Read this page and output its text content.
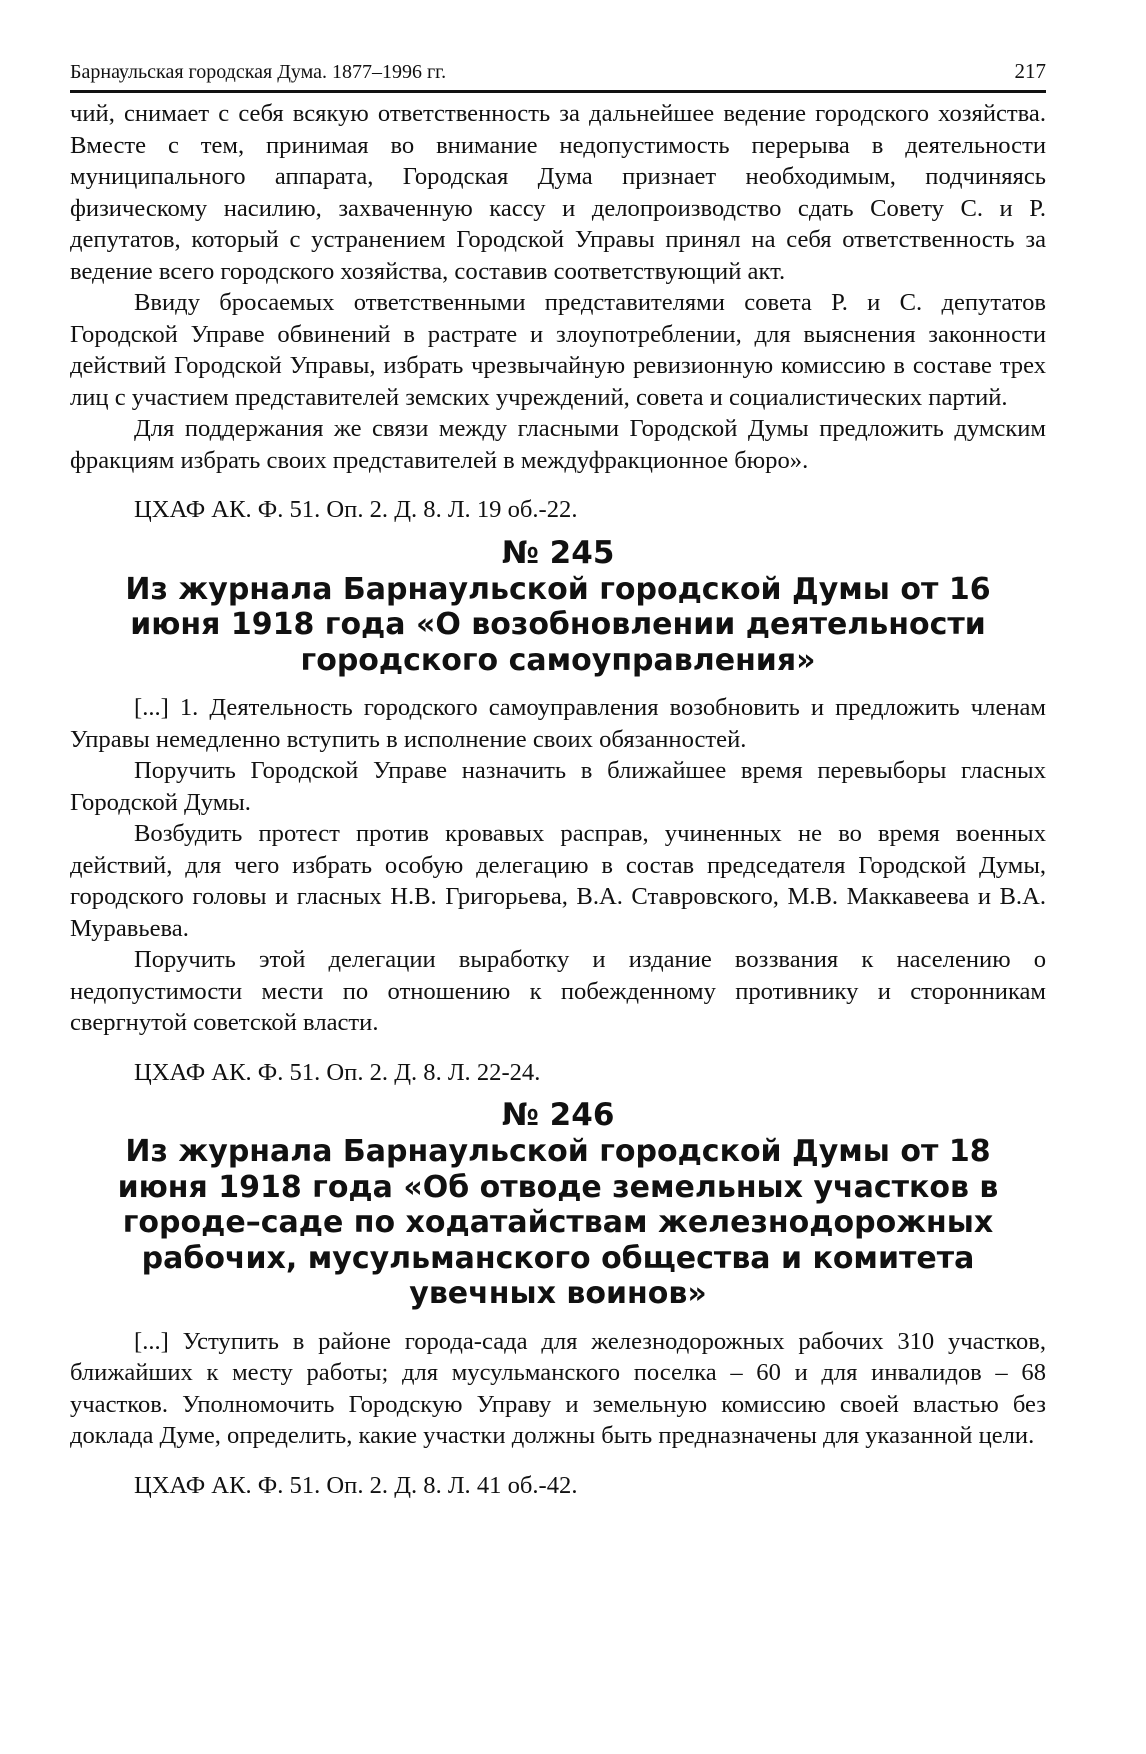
Барнаульская городская Дума. 1877–1996 гг.	217

чий, снимает с себя всякую ответственность за дальнейшее ведение городского хозяйства. Вместе с тем, принимая во внимание недопустимость перерыва в деятельности муниципального аппарата, Городская Дума признает необходимым, подчиняясь физическому насилию, захваченную кассу и делопроизводство сдать Совету С. и Р. депутатов, который с устранением Городской Управы принял на себя ответственность за ведение всего городского хозяйства, составив соответствующий акт.

Ввиду бросаемых ответственными представителями совета Р. и С. депутатов Городской Управе обвинений в растрате и злоупотреблении, для выяснения законности действий Городской Управы, избрать чрезвычайную ревизионную комиссию в составе трех лиц с участием представителей земских учреждений, совета и социалистических партий.

Для поддержания же связи между гласными Городской Думы предложить думским фракциям избрать своих представителей в междуфракционное бюро».

ЦХАФ АК. Ф. 51. Оп. 2. Д. 8. Л. 19 об.-22.
№ 245
Из журнала Барнаульской городской Думы от 16 июня 1918 года «О возобновлении деятельности городского самоуправления»

[...] 1. Деятельность городского самоуправления возобновить и предложить членам Управы немедленно вступить в исполнение своих обязанностей.

Поручить Городской Управе назначить в ближайшее время перевыборы гласных Городской Думы.

Возбудить протест против кровавых расправ, учиненных не во время военных действий, для чего избрать особую делегацию в состав председателя Городской Думы, городского головы и гласных Н.В. Григорьева, В.А. Ставровского, М.В. Маккавеева и В.А. Муравьева.

Поручить этой делегации выработку и издание воззвания к населению о недопустимости мести по отношению к побежденному противнику и сторонникам свергнутой советской власти.

ЦХАФ АК. Ф. 51. Оп. 2. Д. 8. Л. 22-24.
№ 246
Из журнала Барнаульской городской Думы от 18 июня 1918 года «Об отводе земельных участков в городе–саде по ходатайствам железнодорожных рабочих, мусульманского общества и комитета увечных воинов»

[...] Уступить в районе города-сада для железнодорожных рабочих 310 участков, ближайших к месту работы; для мусульманского поселка – 60 и для инвалидов – 68 участков. Уполномочить Городскую Управу и земельную комиссию своей властью без доклада Думе, определить, какие участки должны быть предназначены для указанной цели.

ЦХАФ АК. Ф. 51. Оп. 2. Д. 8. Л. 41 об.-42.
